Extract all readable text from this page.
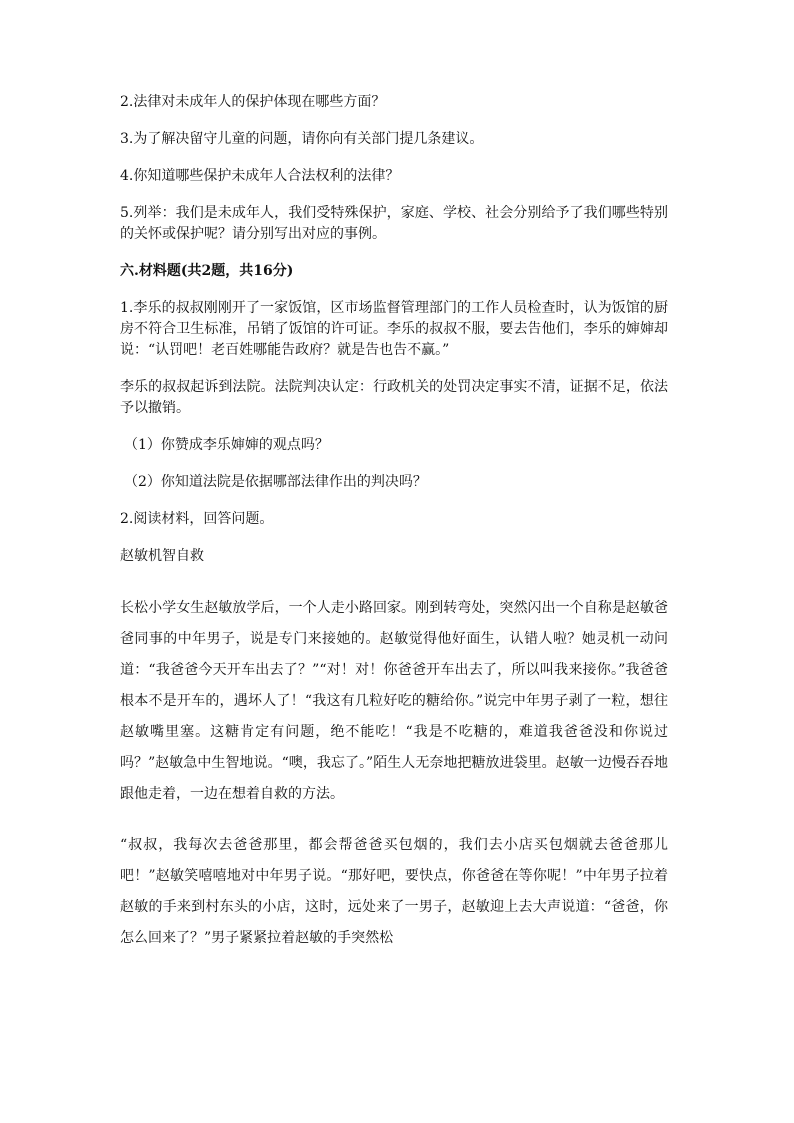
2.法律对未成年人的保护体现在哪些方面？

3.为了解决留守儿童的问题，请你向有关部门提几条建议。

4.你知道哪些保护未成年人合法权利的法律？

5.列举：我们是未成年人，我们受特殊保护，家庭、学校、社会分别给予了我们哪些特别的关怀或保护呢？请分别写出对应的事例。

六.材料题(共2题，共16分)

1.李乐的叔叔刚刚开了一家饭馆，区市场监督管理部门的工作人员检查时，认为饭馆的厨房不符合卫生标准，吊销了饭馆的许可证。李乐的叔叔不服，要去告他们，李乐的婶婶却说：“认罚吧！老百姓哪能告政府？就是告也告不赢。”

李乐的叔叔起诉到法院。法院判决认定：行政机关的处罚决定事实不清，证据不足，依法予以撤销。

（1）你赞成李乐婶婶的观点吗？

（2）你知道法院是依据哪部法律作出的判决吗？

2.阅读材料，回答问题。

赵敏机智自救

长松小学女生赵敏放学后，一个人走小路回家。刚到转弯处，突然闪出一个自称是赵敏爸爸同事的中年男子，说是专门来接她的。赵敏觉得他好面生，认错人啦？她灵机一动问道：“我爸爸今天开车出去了？”“对！对！你爸爸开车出去了，所以叫我来接你。”我爸爸根本不是开车的，遇坏人了！“我这有几粒好吃的糖给你。”说完中年男子剥了一粒，想往赵敏嘴里塞。这糖肯定有问题，绝不能吃！“我是不吃糖的，难道我爸爸没和你说过吗？”赵敏急中生智地说。“噢，我忘了。”陌生人无奈地把糖放进袋里。赵敏一边慢吞吞地跟他走着，一边在想着自救的方法。

“叔叔，我每次去爸爸那里，都会帮爸爸买包烟的，我们去小店买包烟就去爸爸那儿吧！”赵敏笑嘻嘻地对中年男子说。“那好吧，要快点，你爸爸在等你呢！”中年男子拉着赵敏的手来到村东头的小店，这时，远处来了一男子，赵敏迎上去大声说道：“爸爸，你怎么回来了？”男子紧紧拉着赵敏的手突然松
